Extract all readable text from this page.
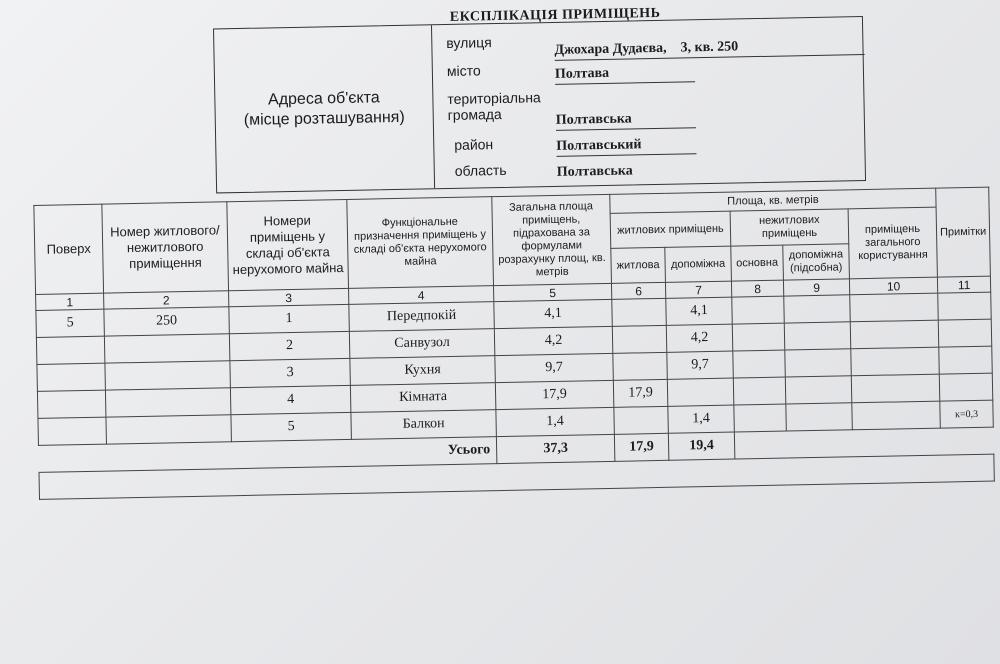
ЕКСПЛІКАЦІЯ ПРИМІЩЕНЬ
Адреса об'єкта
(місце розташування)
вулиця	Джохара Дудаєва, 3, кв. 250
місто	Полтава
територіальна
громада	Полтавська
район	Полтавський
область	Полтавська
Поверх	Номер житлового/ нежитлового приміщення	Номери приміщень у складі об'єкта нерухомого майна	Функціональне призначення приміщень у складі об'єкта нерухомого майна	Загальна площа приміщень, підрахована за формулами розрахунку площ, кв. метрів	Площа, кв. метрів					Примітки
					житлових приміщень		нежитлових приміщень		приміщень загального користування	
					житлова	допоміжна	основна	допоміжна (підсобна)		
1	2	3	4	5	6	7	8	9	10	11
5	250	1	Передпокій	4,1		4,1				
		2	Санвузол	4,2		4,2				
		3	Кухня	9,7		9,7				
		4	Кімната	17,9	17,9					
		5	Балкон	1,4		1,4				к=0,3
Усього				37,3	17,9	19,4				
